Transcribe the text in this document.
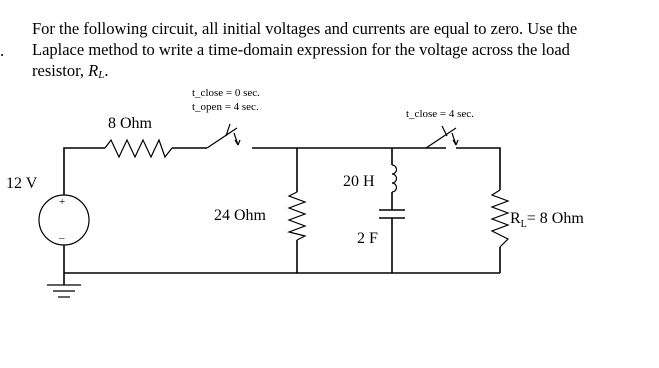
.
For the following circuit, all initial voltages and currents are equal to zero. Use the
Laplace method to write a time-domain expression for the voltage across the load
resistor, RL.
8 Ohm
t_close = 0 sec.
t_open = 4 sec.
t_close = 4 sec.
+
–
12 V
24 Ohm
20 H
2 F
$R_L= 8$ Ohm
